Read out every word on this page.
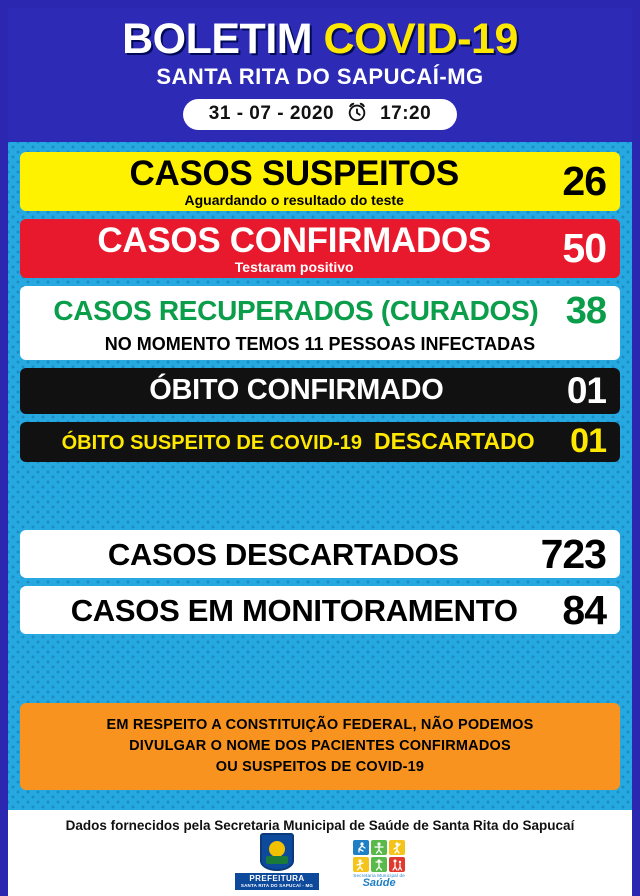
BOLETIM COVID-19
SANTA RITA DO SAPUCAÍ-MG
31 - 07 - 2020 17:20
CASOS SUSPEITOS
Aguardando o resultado do teste	26
CASOS CONFIRMADOS
Testaram positivo	50
CASOS RECUPERADOS (CURADOS) 38
NO MOMENTO TEMOS 11 PESSOAS INFECTADAS
ÓBITO CONFIRMADO	01
ÓBITO SUSPEITO DE COVID-19 DESCARTADO 01
CASOS DESCARTADOS	723
CASOS EM MONITORAMENTO	84
EM RESPEITO A CONSTITUIÇÃO FEDERAL, NÃO PODEMOS
DIVULGAR O NOME DOS PACIENTES CONFIRMADOS
OU SUSPEITOS DE COVID-19
Dados fornecidos pela Secretaria Municipal de Saúde de Santa Rita do Sapucaí
PREFEITURA
SANTA RITA DO SAPUCAÍ - MG
Secretaria Municipal de
Saúde
